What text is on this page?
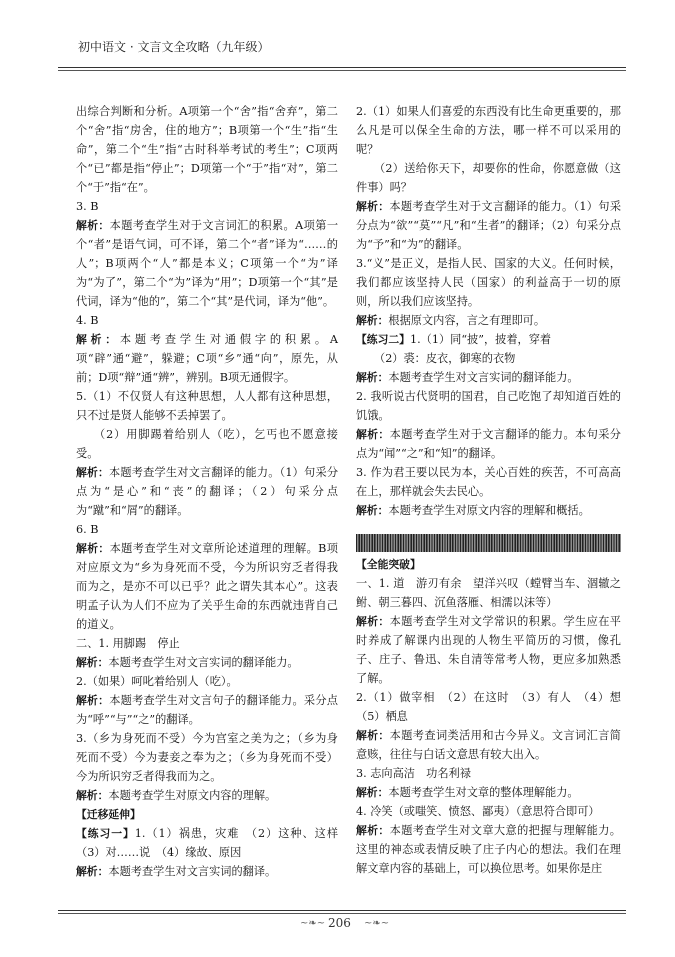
初中语文 · 文言文全攻略（九年级）

出综合判断和分析。A项第一个“舍”指“舍弃”，第二个“舍”指“房舍，住的地方”；B项第一个“生”指“生命”，第二个“生”指“古时科举考试的考生”；C项两个“已”都是指“停止”；D项第一个“于”指“对”，第二个“于”指“在”。

3. B

解析：本题考查学生对于文言词汇的积累。A项第一个“者”是语气词，可不译，第二个“者”译为“……的人”；B项两个“人”都是本义；C项第一个“为”译为“为了”，第二个“为”译为“用”；D项第一个“其”是代词，译为“他的”，第二个“其”是代词，译为“他”。

4. B

解析：本题考查学生对通假字的积累。A项“辟”通“避”，躲避；C项“乡”通“向”，原先，从前；D项“辩”通“辨”，辨别。B项无通假字。

5.（1）不仅贤人有这种思想，人人都有这种思想，只不过是贤人能够不丢掉罢了。

（2）用脚踢着给别人（吃），乞丐也不愿意接受。

解析：本题考查学生对文言翻译的能力。（1）句采分点为“是心”和“丧”的翻译；（2）句采分点为“蹴”和“屑”的翻译。

6. B

解析：本题考查学生对文章所论述道理的理解。B项对应原文为“乡为身死而不受，今为所识穷乏者得我而为之，是亦不可以已乎？此之谓失其本心”。这表明孟子认为人们不应为了关乎生命的东西就违背自己的道义。

二、1. 用脚踢　停止

解析：本题考查学生对文言实词的翻译能力。

2.（如果）呵叱着给别人（吃）。

解析：本题考查学生对文言句子的翻译能力。采分点为“呼”“与”“之”的翻译。

3.（乡为身死而不受）今为宫室之美为之；（乡为身死而不受）今为妻妾之奉为之；（乡为身死而不受）今为所识穷乏者得我而为之。

解析：本题考查学生对原文内容的理解。

【迁移延伸】

【练习一】1.（1）祸患，灾难　（2）这种、这样　（3）对……说　（4）缘故、原因

解析：本题考查学生对文言实词的翻译。

2.（1）如果人们喜爱的东西没有比生命更重要的，那么凡是可以保全生命的方法，哪一样不可以采用的呢？

（2）送给你天下，却要你的性命，你愿意做（这件事）吗？

解析：本题考查学生对于文言翻译的能力。（1）句采分点为“欲”“莫”“凡”和“生者”的翻译；（2）句采分点为“予”和“为”的翻译。

3.“义”是正义，是指人民、国家的大义。任何时候，我们都应该坚持人民（国家）的利益高于一切的原则，所以我们应该坚持。

解析：根据原文内容，言之有理即可。

【练习二】1.（1）同“披”，披着，穿着

（2）裘：皮衣，御寒的衣物

解析：本题考查学生对文言实词的翻译能力。

2. 我听说古代贤明的国君，自己吃饱了却知道百姓的饥饿。

解析：本题考查学生对于文言翻译的能力。本句采分点为“闻”“之”和“知”的翻译。

3. 作为君王要以民为本，关心百姓的疾苦，不可高高在上，那样就会失去民心。

解析：本题考查学生对原文内容的理解和概括。

【全能突破】

一、1. 道　游刃有余　望洋兴叹（螳臂当车、涸辙之鲋、朝三暮四、沉鱼落雁、相濡以沫等）

解析：本题考查学生对文学常识的积累。学生应在平时养成了解课内出现的人物生平简历的习惯，像孔子、庄子、鲁迅、朱自清等常考人物，更应多加熟悉了解。

2.（1）做宰相　（2）在这时　（3）有人　（4）想　（5）栖息

解析：本题考查词类活用和古今异义。文言词汇言简意赅，往往与白话文意思有较大出入。

3. 志向高洁　功名利禄

解析：本题考查学生对文章的整体理解能力。

4. 冷笑（或嗤笑、愤怒、鄙夷）（意思符合即可）

解析：本题考查学生对文章大意的把握与理解能力。这里的神态或表情反映了庄子内心的想法。我们在理解文章内容的基础上，可以换位思考。如果你是庄

~❧~ 206 ~❧~
